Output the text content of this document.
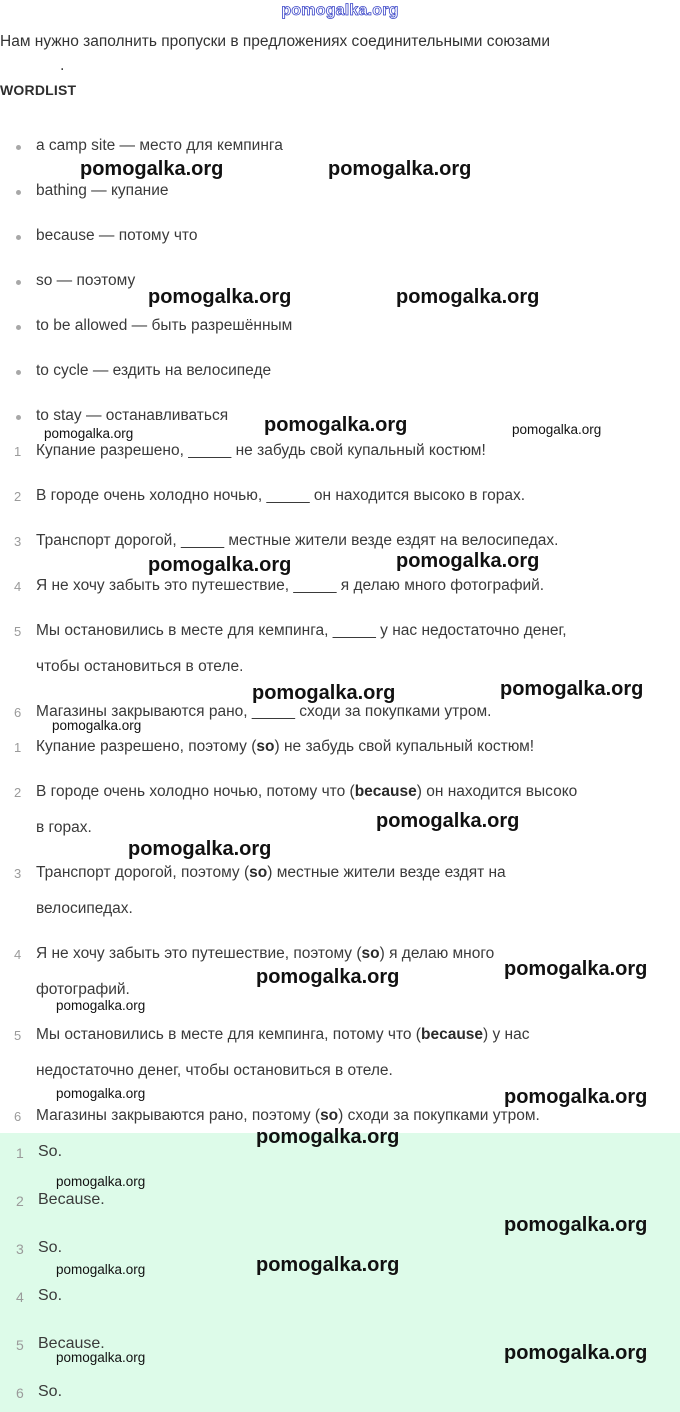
pomogalka.org
Нам нужно заполнить пропуски в предложениях соединительными союзами
.
WORDLIST
a camp site — место для кемпинга
bathing — купание
because — потому что
so — поэтому
to be allowed — быть разрешённым
to cycle — ездить на велосипеде
to stay — останавливаться
1 Купание разрешено, _____ не забудь свой купальный костюм!
2 В городе очень холодно ночью, _____ он находится высоко в горах.
3 Транспорт дорогой, _____ местные жители везде ездят на велосипедах.
4 Я не хочу забыть это путешествие, _____ я делаю много фотографий.
5 Мы остановились в месте для кемпинга, _____ у нас недостаточно денег,
чтобы остановиться в отеле.
6 Магазины закрываются рано, _____ сходи за покупками утром.
1 Купание разрешено, поэтому (so) не забудь свой купальный костюм!
2 В городе очень холодно ночью, потому что (because) он находится высоко
в горах.
3 Транспорт дорогой, поэтому (so) местные жители везде ездят на
велосипедах.
4 Я не хочу забыть это путешествие, поэтому (so) я делаю много
фотографий.
5 Мы остановились в месте для кемпинга, потому что (because) у нас
недостаточно денег, чтобы остановиться в отеле.
6 Магазины закрываются рано, поэтому (so) сходи за покупками утром.
1 So.
2 Because.
3 So.
4 So.
5 Because.
6 So.
pomogalka.org	pomogalka.org
pomogalka.org	pomogalka.org
pomogalka.org
pomogalka.org	pomogalka.org
pomogalka.org	pomogalka.org
pomogalka.org	pomogalka.org
pomogalka.org
pomogalka.org
pomogalka.org
pomogalka.org	pomogalka.org
pomogalka.org
pomogalka.org	pomogalka.org
pomogalka.org
pomogalka.org
pomogalka.org
pomogalka.org
pomogalka.org
pomogalka.org	pomogalka.org
